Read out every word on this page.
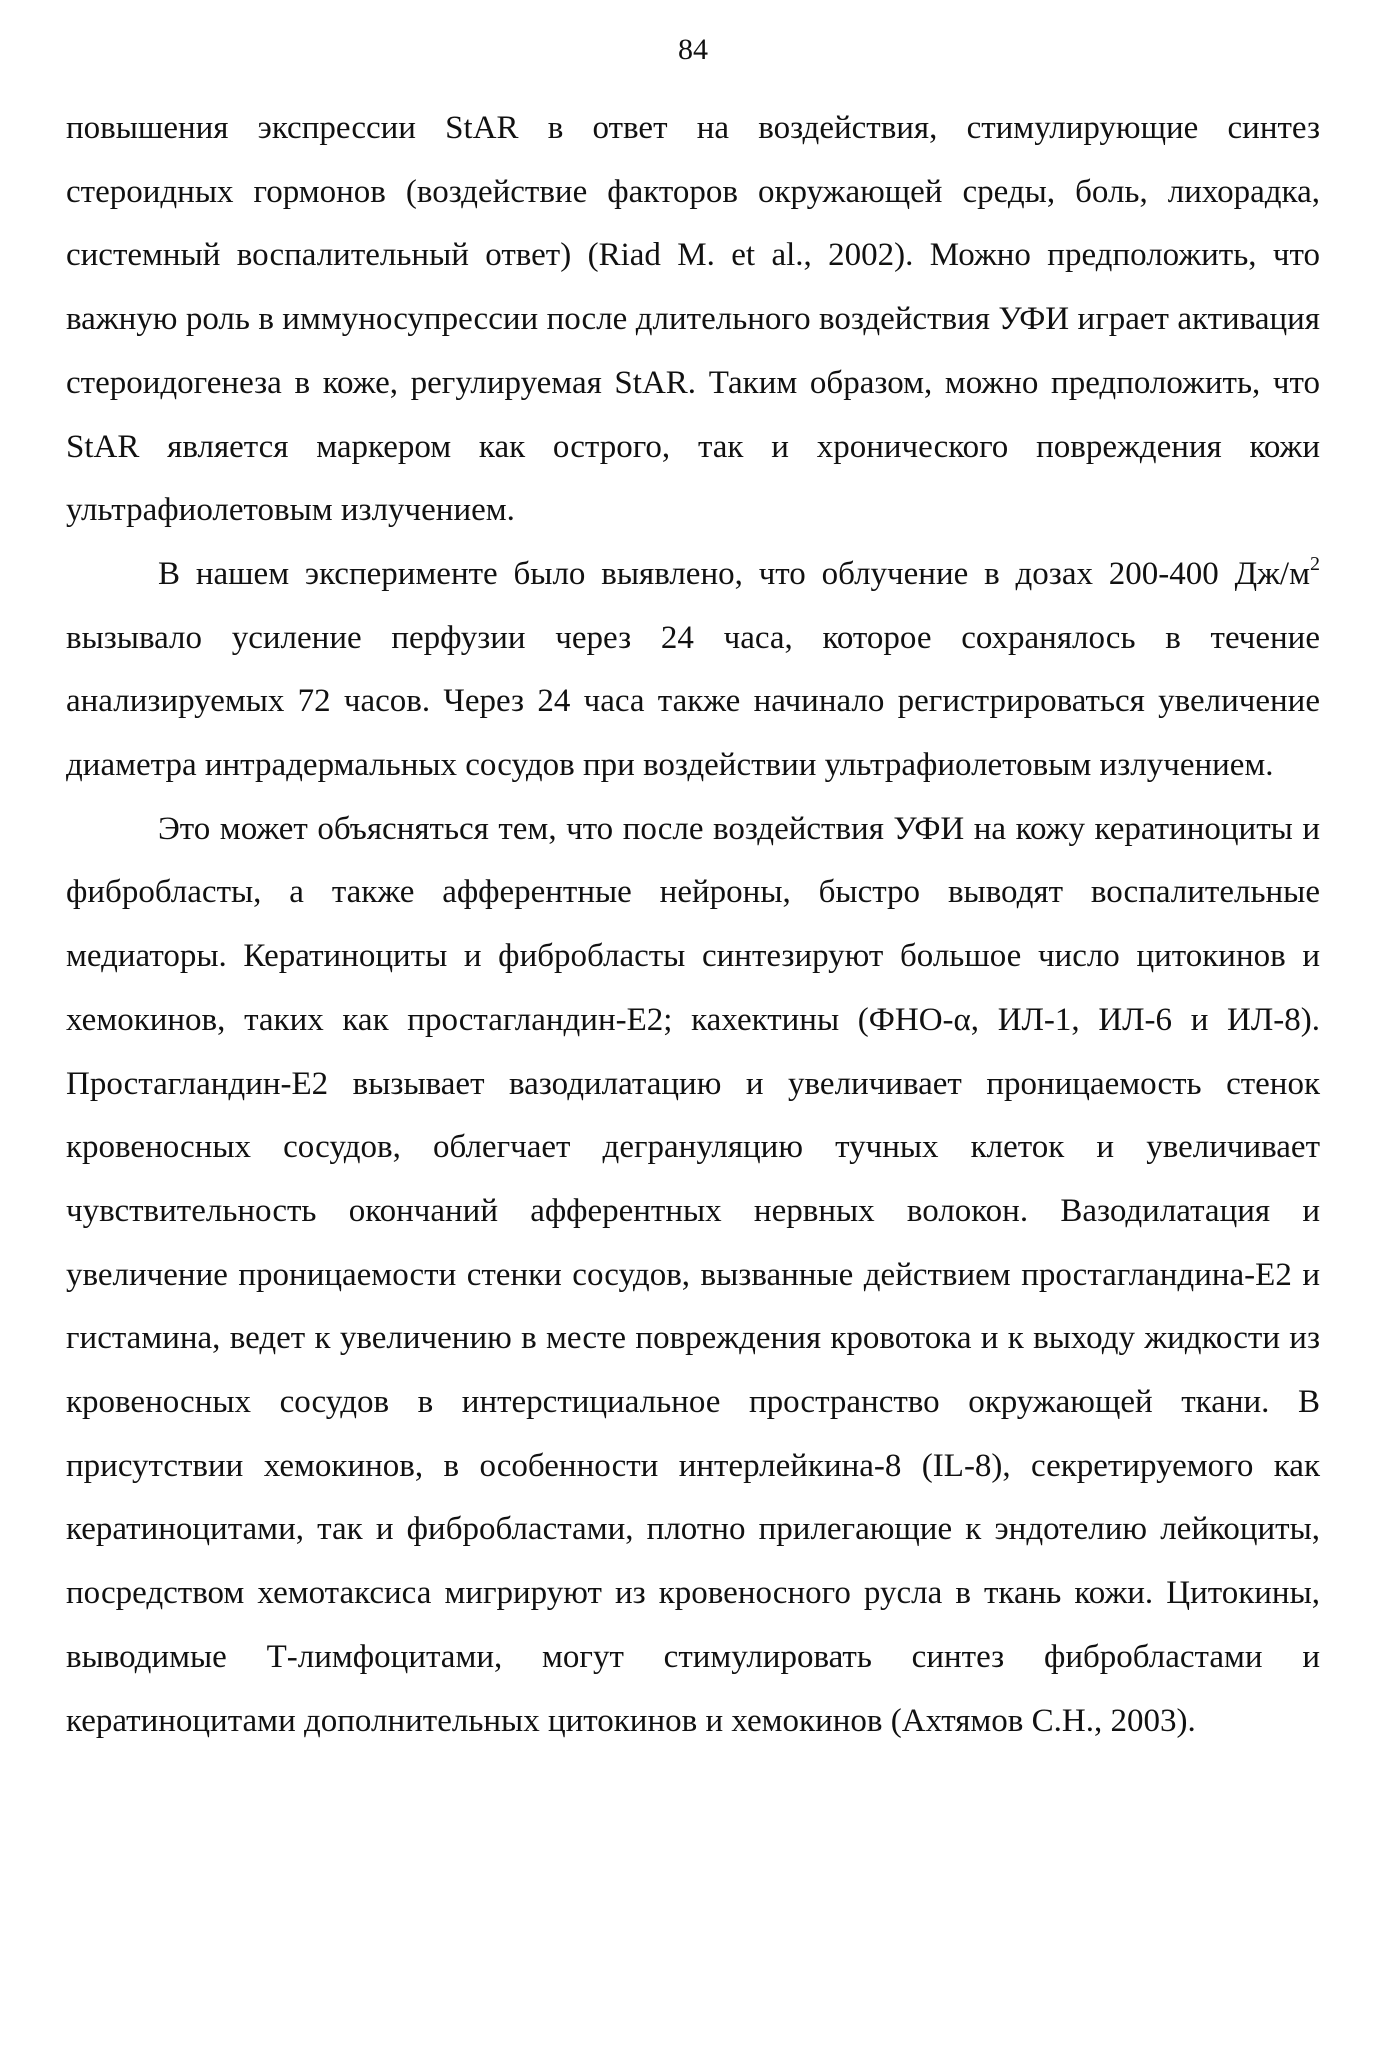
84

повышения экспрессии StAR в ответ на воздействия, стимулирующие синтез стероидных гормонов (воздействие факторов окружающей среды, боль, лихорадка, системный воспалительный ответ) (Riad M. et al., 2002). Можно предположить, что важную роль в иммуносупрессии после длительного воздействия УФИ играет активация стероидогенеза в коже, регулируемая StAR. Таким образом, можно предположить, что StAR является маркером как острого, так и хронического повреждения кожи ультрафиолетовым излучением.

В нашем эксперименте было выявлено, что облучение в дозах 200-400 $Дж/м^2$ вызывало усиление перфузии через 24 часа, которое сохранялось в течение анализируемых 72 часов. Через 24 часа также начинало регистрироваться увеличение диаметра интрадермальных сосудов при воздействии ультрафиолетовым излучением.

Это может объясняться тем, что после воздействия УФИ на кожу кератиноциты и фибробласты, а также афферентные нейроны, быстро выводят воспалительные медиаторы. Кератиноциты и фибробласты синтезируют большое число цитокинов и хемокинов, таких как простагландин-Е2; кахектины (ФНО-α, ИЛ-1, ИЛ-6 и ИЛ-8). Простагландин-Е2 вызывает вазодилатацию и увеличивает проницаемость стенок кровеносных сосудов, облегчает дегрануляцию тучных клеток и увеличивает чувствительность окончаний афферентных нервных волокон. Вазодилатация и увеличение проницаемости стенки сосудов, вызванные действием простагландина-Е2 и гистамина, ведет к увеличению в месте повреждения кровотока и к выходу жидкости из кровеносных сосудов в интерстициальное пространство окружающей ткани. В присутствии хемокинов, в особенности интерлейкина-8 (IL-8), секретируемого как кератиноцитами, так и фибробластами, плотно прилегающие к эндотелию лейкоциты, посредством хемотаксиса мигрируют из кровеносного русла в ткань кожи. Цитокины, выводимые Т-лимфоцитами, могут стимулировать синтез фибробластами и кератиноцитами дополнительных цитокинов и хемокинов (Ахтямов С.Н., 2003).
